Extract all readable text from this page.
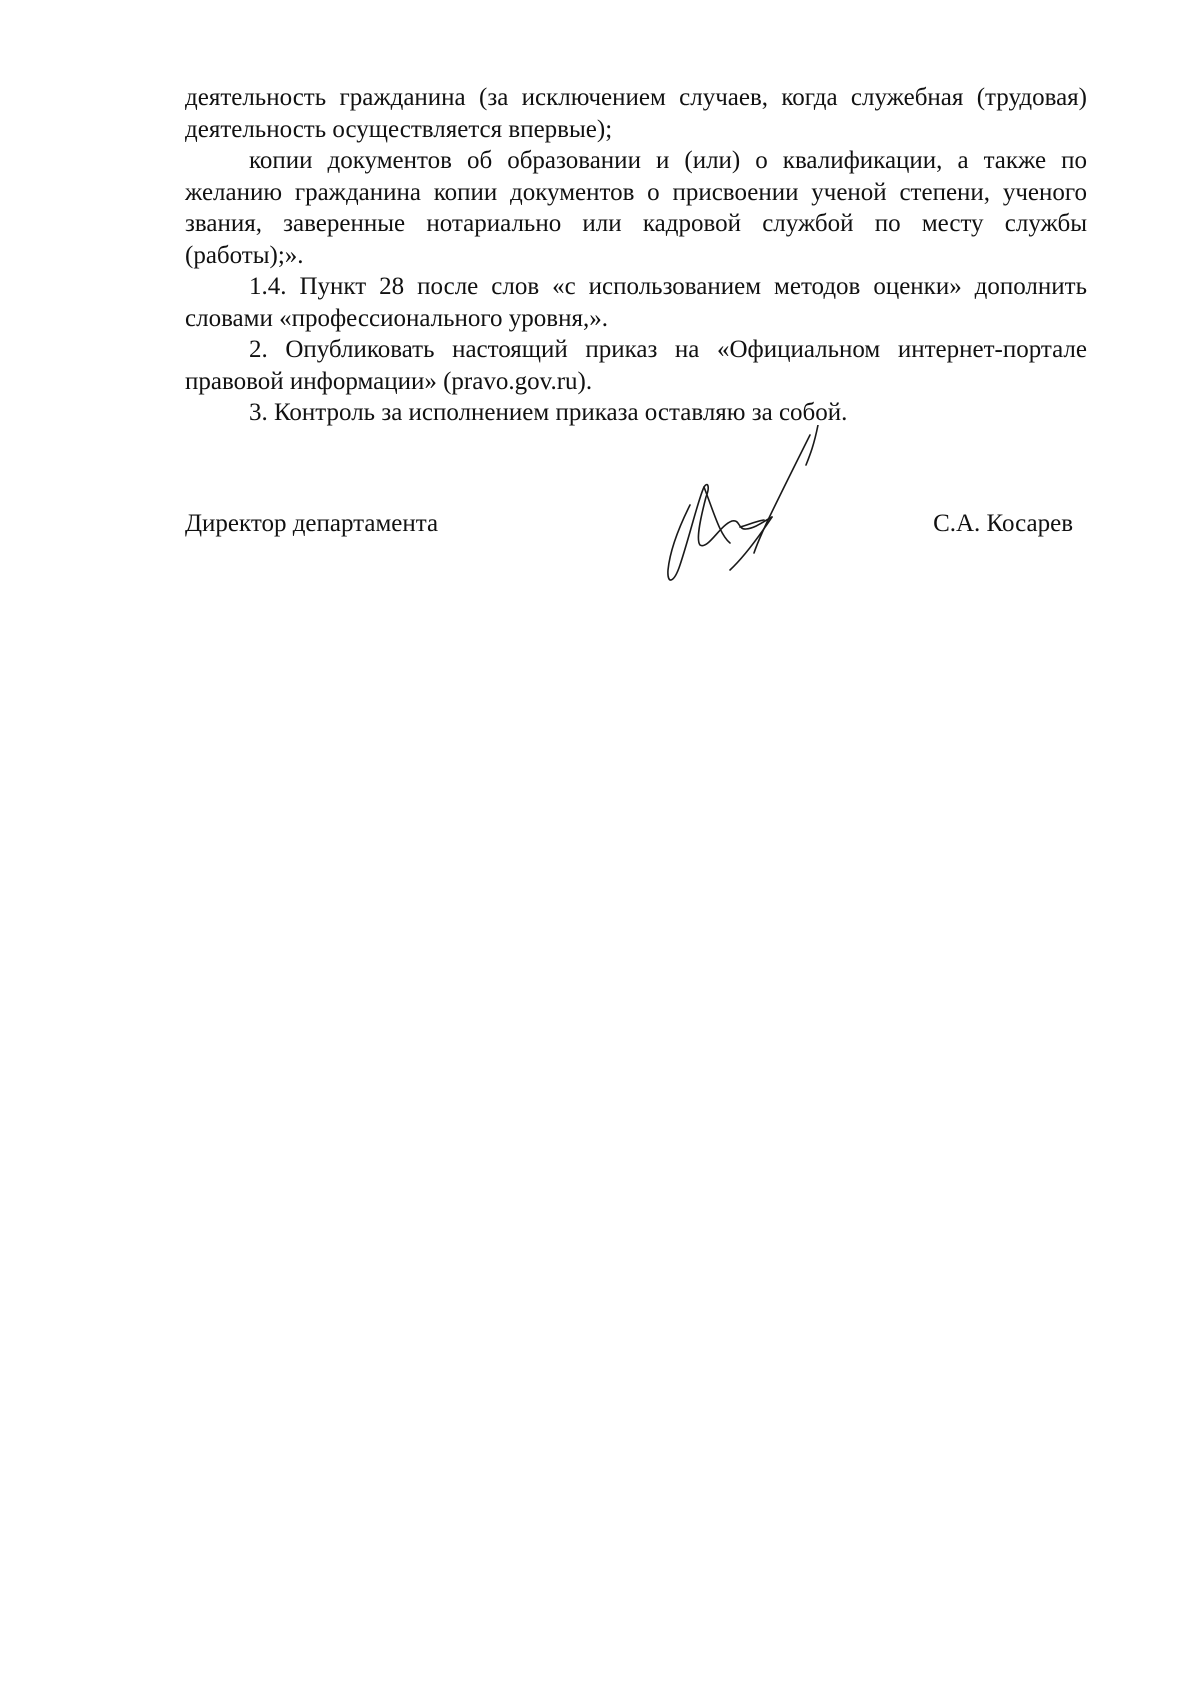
деятельность гражданина (за исключением случаев, когда служебная (трудовая) деятельность осуществляется впервые);

копии документов об образовании и (или) о квалификации, а также по желанию гражданина копии документов о присвоении ученой степени, ученого звания, заверенные нотариально или кадровой службой по месту службы (работы);».

1.4. Пункт 28 после слов «с использованием методов оценки» дополнить словами «профессионального уровня,».

2. Опубликовать настоящий приказ на «Официальном интернет-портале правовой информации» (pravo.gov.ru).

3. Контроль за исполнением приказа оставляю за собой.

Директор департамента	С.А. Косарев
